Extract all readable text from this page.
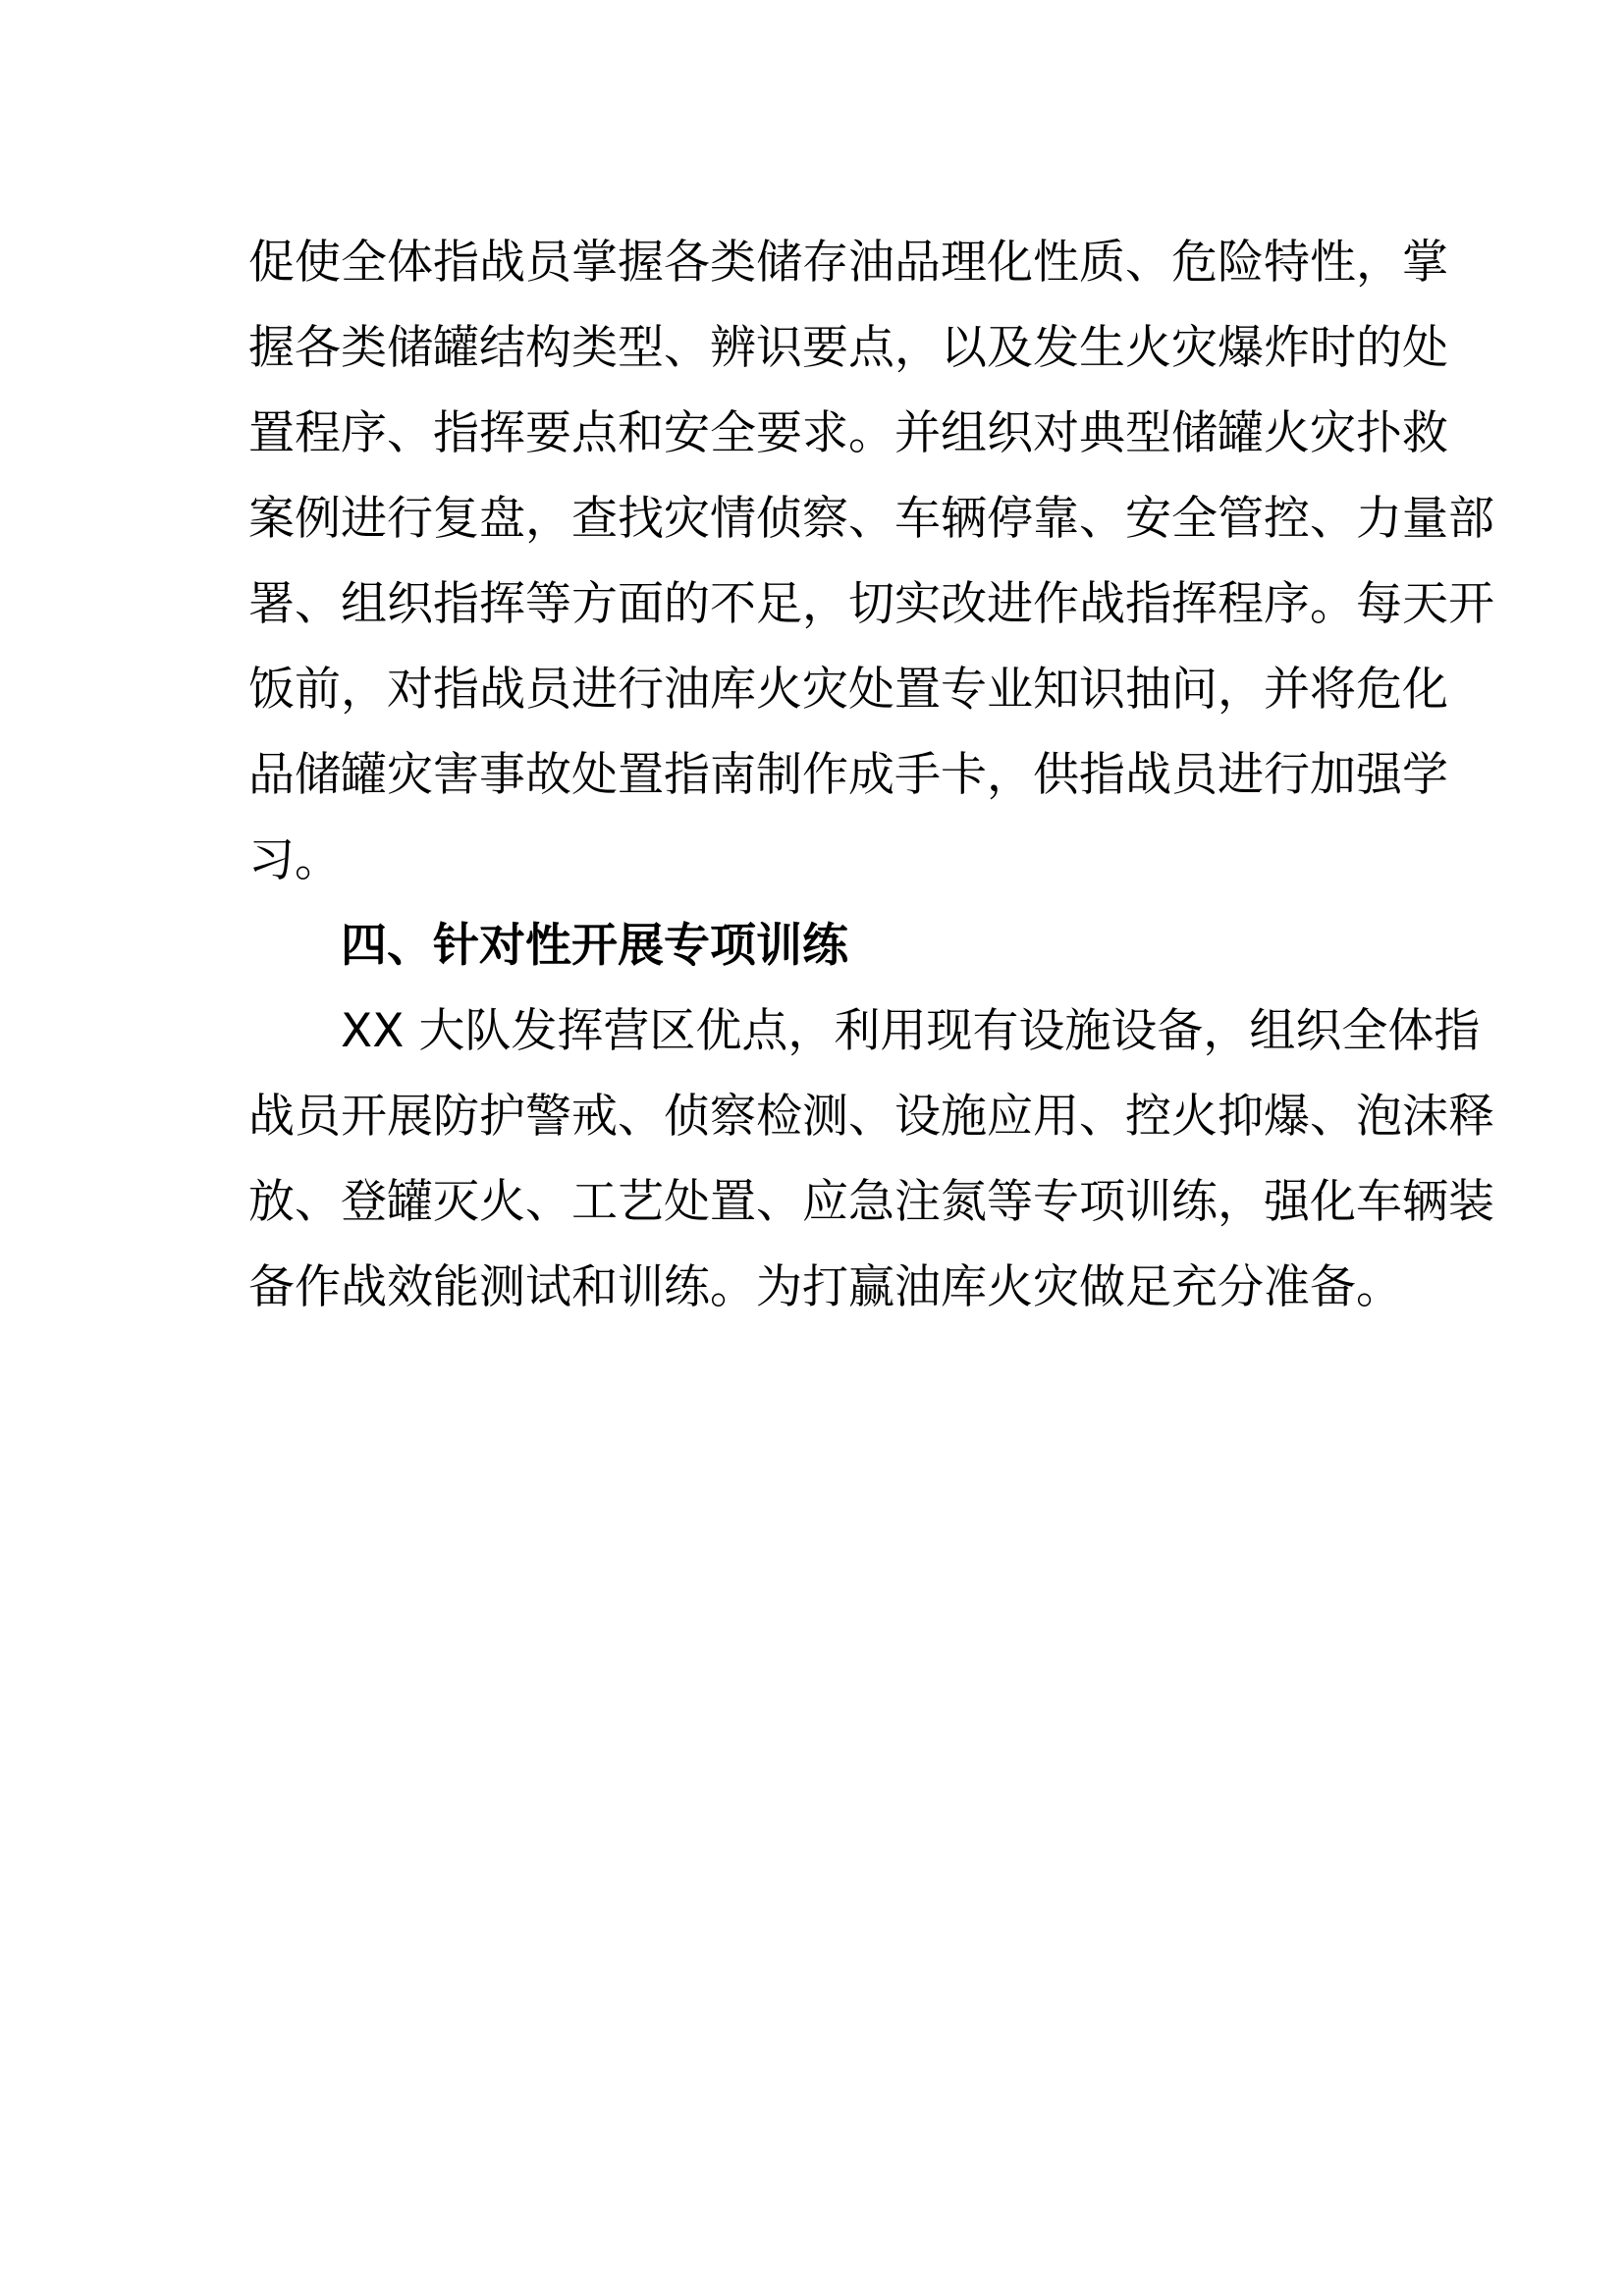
促使全体指战员掌握各类储存油品理化性质、危险特性，掌
握各类储罐结构类型、辨识要点，以及发生火灾爆炸时的处
置程序、指挥要点和安全要求。并组织对典型储罐火灾扑救
案例进行复盘，查找灾情侦察、车辆停靠、安全管控、力量部
署、组织指挥等方面的不足，切实改进作战指挥程序。每天开
饭前，对指战员进行油库火灾处置专业知识抽问，并将危化
品储罐灾害事故处置指南制作成手卡，供指战员进行加强学
习。
四、针对性开展专项训练
XX 大队发挥营区优点，利用现有设施设备，组织全体指
战员开展防护警戒、侦察检测、设施应用、控火抑爆、泡沫释
放、登罐灭火、工艺处置、应急注氮等专项训练，强化车辆装
备作战效能测试和训练。为打赢油库火灾做足充分准备。
